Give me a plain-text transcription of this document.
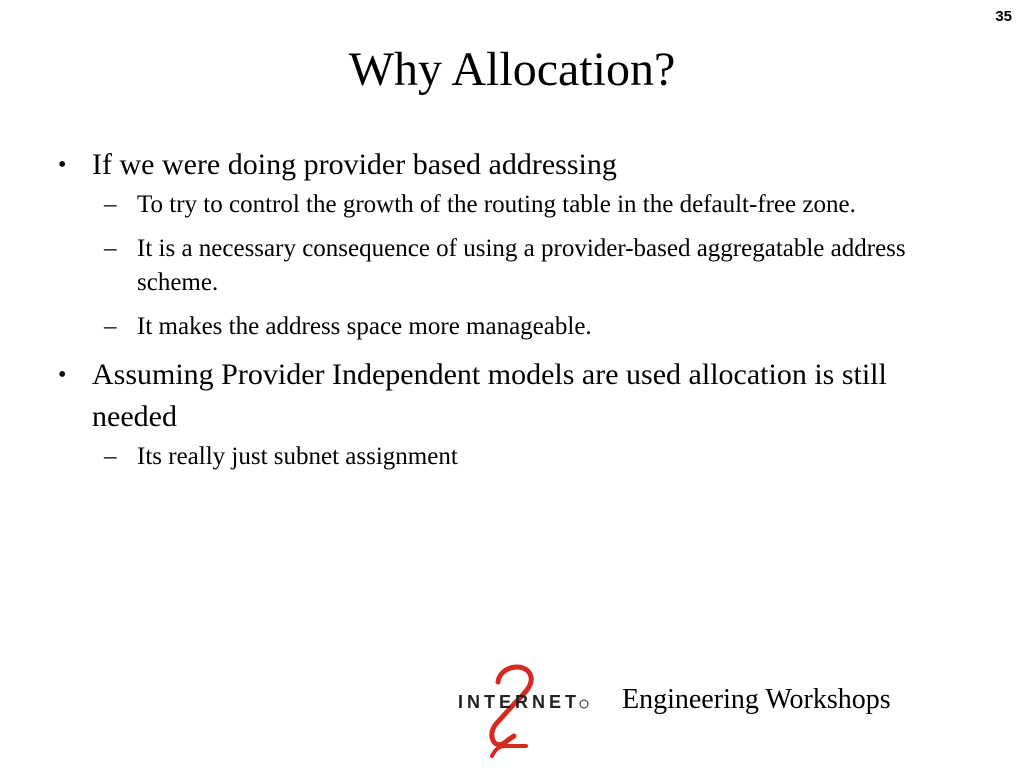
35
Why Allocation?
• If we were doing provider based addressing
– To try to control the growth of the routing table in the default-free zone.
– It is a necessary consequence of using a provider-based aggregatable address scheme.
– It makes the address space more manageable.
• Assuming Provider Independent models are used allocation is still needed
– Its really just subnet assignment
INTERNET Engineering Workshops
